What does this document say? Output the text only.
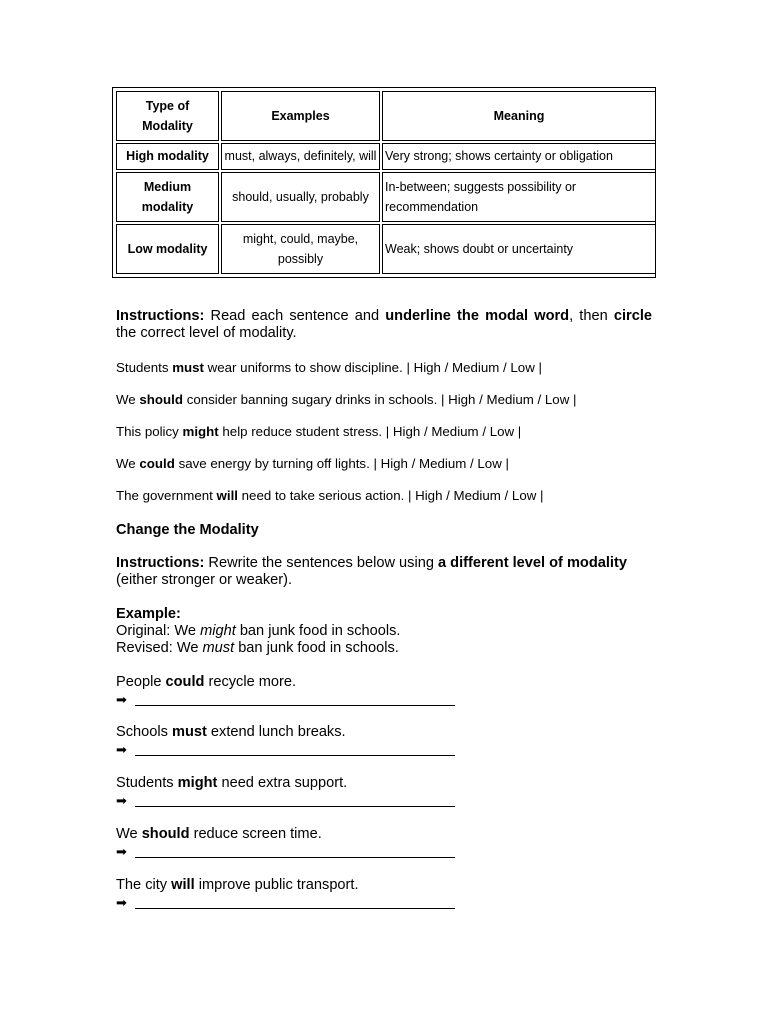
Type of Modality	Examples	Meaning
High modality	must, always, definitely, will	Very strong; shows certainty or obligation
Medium modality	should, usually, probably	In-between; suggests possibility or recommendation
Low modality	might, could, maybe, possibly	Weak; shows doubt or uncertainty
Instructions: Read each sentence and underline the modal word, then circle the correct level of modality.
Students must wear uniforms to show discipline. | High / Medium / Low |
We should consider banning sugary drinks in schools. | High / Medium / Low |
This policy might help reduce student stress. | High / Medium / Low |
We could save energy by turning off lights. | High / Medium / Low |
The government will need to take serious action. | High / Medium / Low |
Change the Modality
Instructions: Rewrite the sentences below using a different level of modality (either stronger or weaker).
Example:
Original: We might ban junk food in schools.
Revised: We must ban junk food in schools.
People could recycle more.
➡
Schools must extend lunch breaks.
➡
Students might need extra support.
➡
We should reduce screen time.
➡
The city will improve public transport.
➡
